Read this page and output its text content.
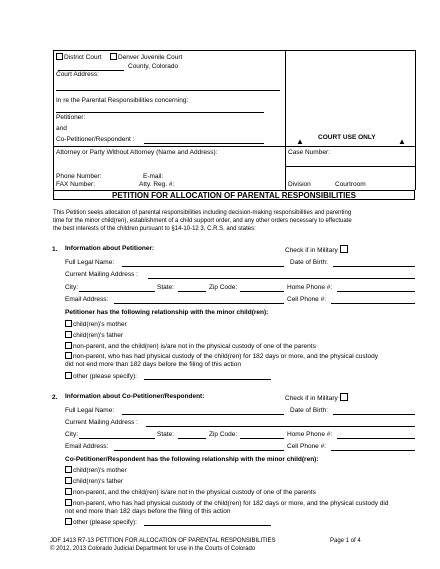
District Court	Denver Juvenile Court
County, Colorado
Court Address:
In re the Parental Responsibilities concerning:
Petitioner:
and
Co-Petitioner/Respondent :	▲ COURT USE ONLY	▲
Attorney or Party Without Attorney (Name and Address):	Case Number:
Phone Number:	E-mail:
FAX Number:	Atty. Reg. #:	Division	Courtroom
PETITION FOR ALLOCATION OF PARENTAL RESPONSIBILITIES
This Petition seeks allocation of parental responsibilities including decision-making responsibilities and parenting
time for the minor child(ren), establishment of a child support order, and any other orders necessary to effectuate
the best interests of the children pursuant to §14-10-12 3, C.R.S. and states:
1. Information about Petitioner:	Check if in Military
Full Legal Name:	Date of Birth:
Current Mailing Address :
City:	State:	Zip Code:	Home Phone #:
Email Address:	Cell Phone #:
Petitioner has the following relationship with the minor child(ren):
child(ren)'s mother
child(ren)'s father
non-parent, and the child(ren) is/are not in the physical custody of one of the parents
non-parent, who has had physical custody of the child(ren) for 182 days or more, and the physical custody
did not end more than 182 days before the filing of this action
other (please specify):
2. Information about Co-Petitioner/Respondent:	Check if in Military
Full Legal Name:	Date of Birth:
Current Mailing Address :
City:	State:	Zip Code:	Home Phone #:
Email Address:	Cell Phone #:
Co-Petitioner/Respondent has the following relationship with the minor child(ren):
child(ren)'s mother
child(ren)'s father
non-parent, and the child(ren) is/are not in the physical custody of one of the parents
non-parent, who has had physical custody of the child(ren) for 182 days or more, and the physical custody did
not end more than 182 days before the filing of this action
other (please specify):
JDF 1413 R7-13 PETITION FOR ALLOCATION OF PARENTAL RESPONSIBILITIES	Page 1 of 4
© 2012, 2013 Colorado Judicial Department for use in the Courts of Colorado
